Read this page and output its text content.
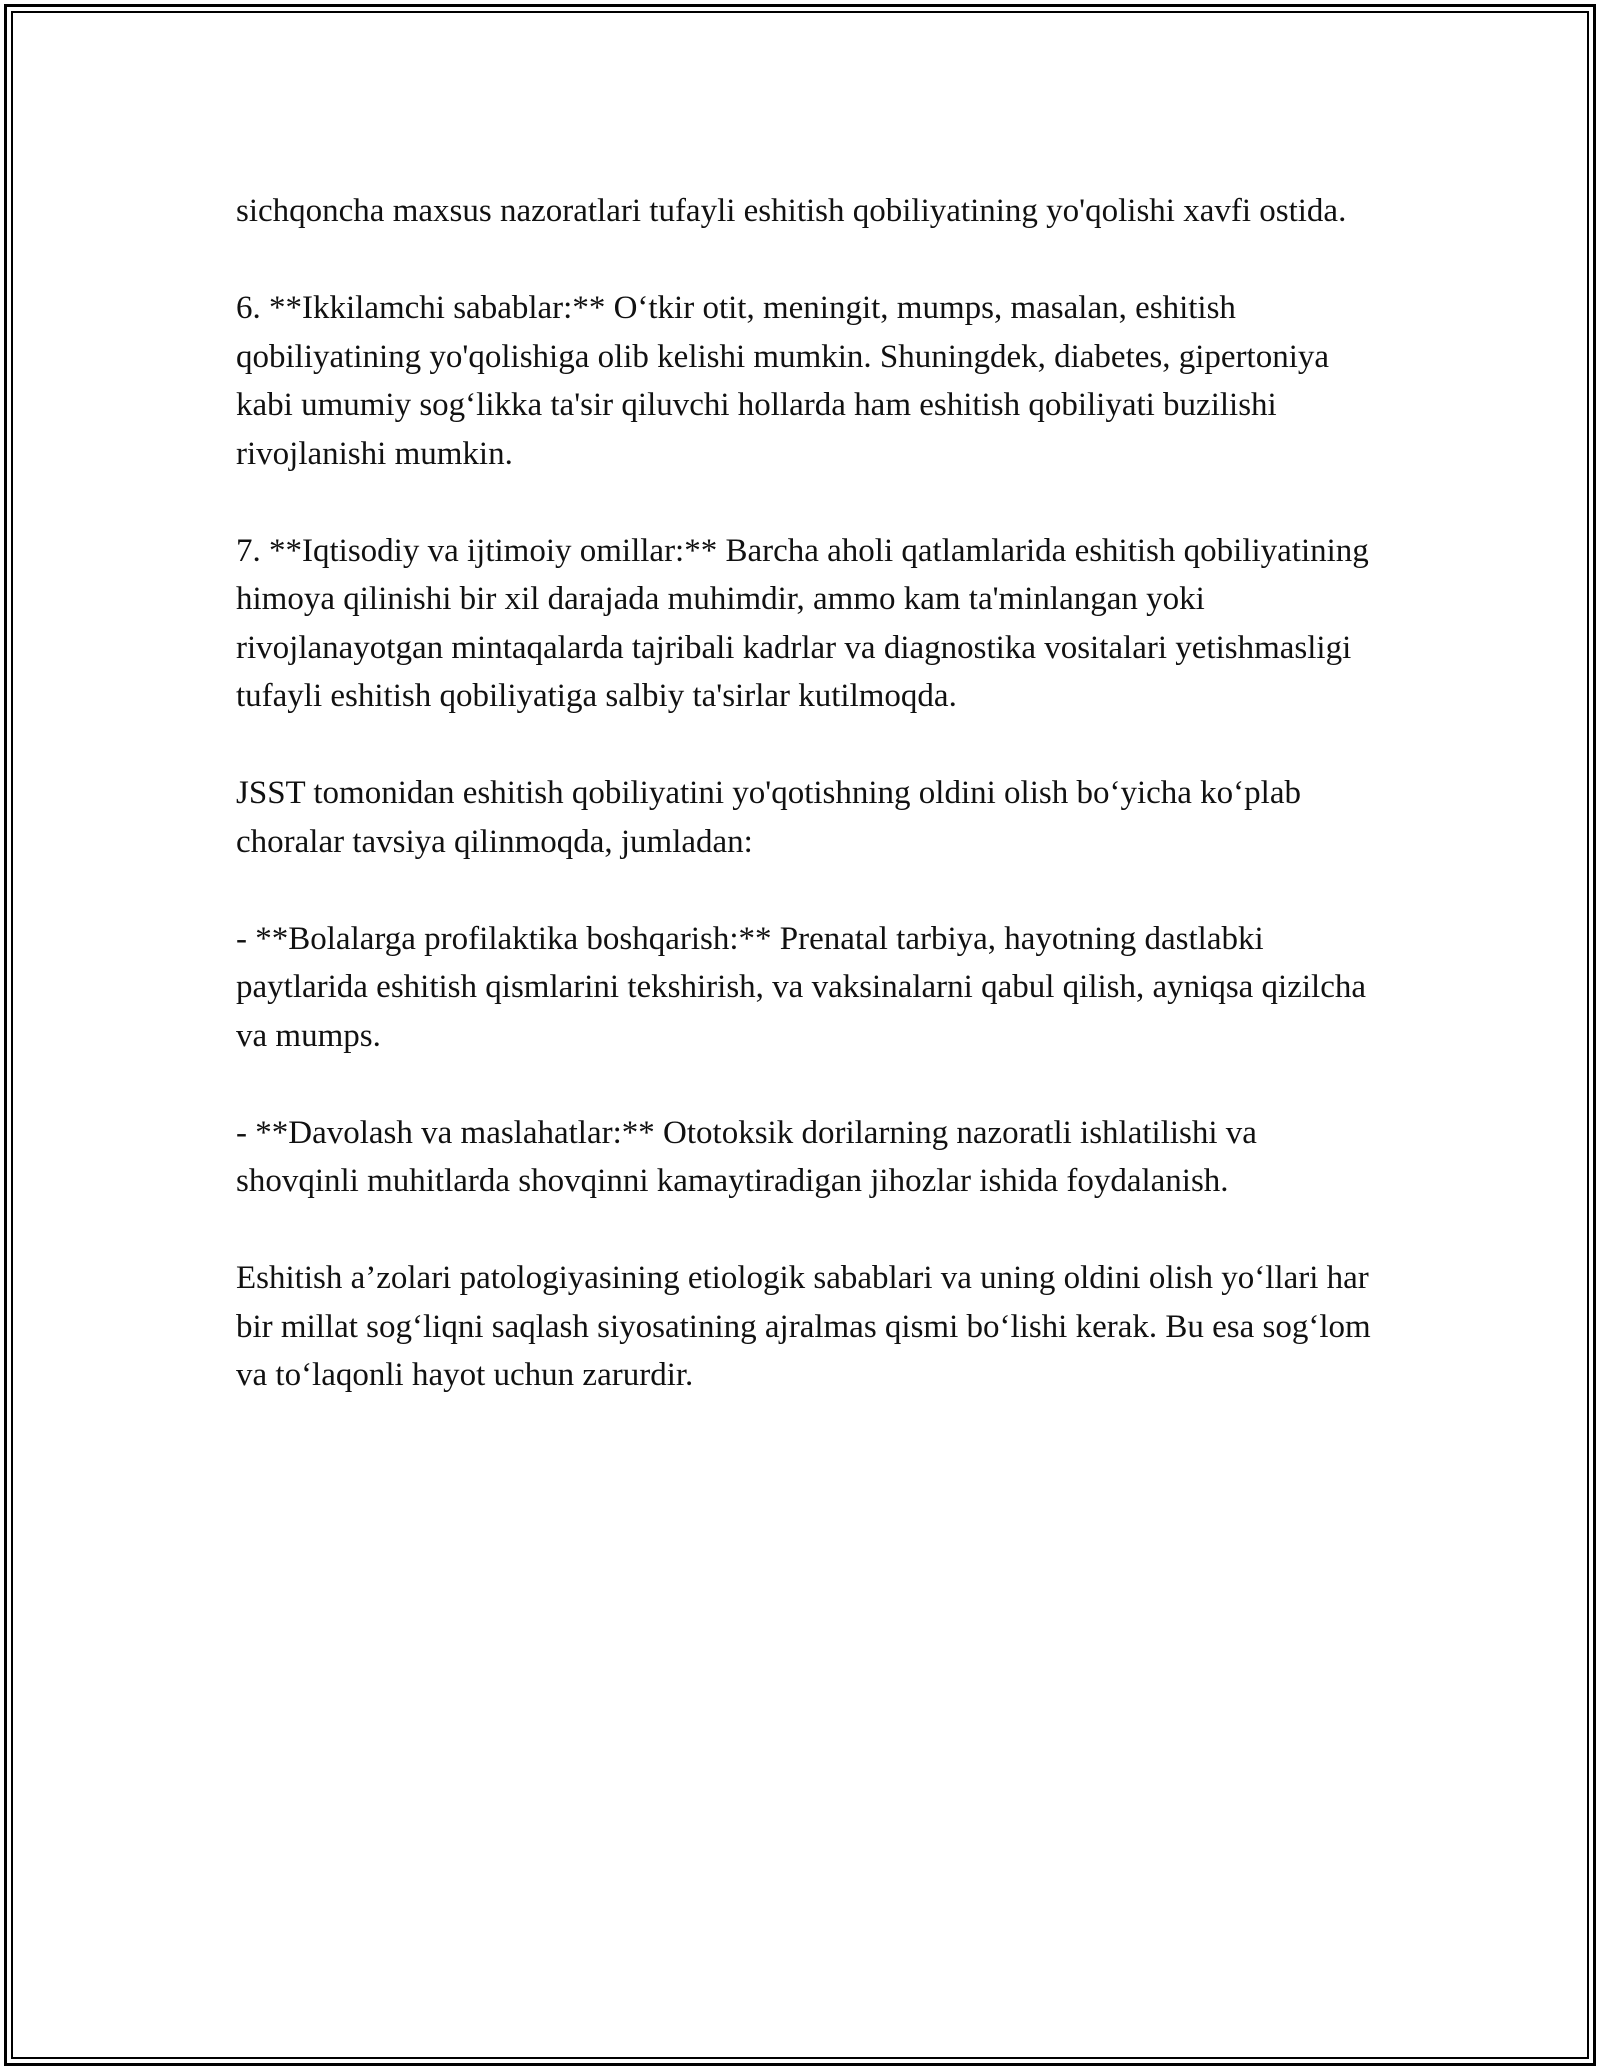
sichqoncha maxsus nazoratlari tufayli eshitish qobiliyatining yo'qolishi xavfi ostida.

6. **Ikkilamchi sabablar:** O‘tkir otit, meningit, mumps, masalan, eshitish qobiliyatining yo'qolishiga olib kelishi mumkin. Shuningdek, diabetes, gipertoniya kabi umumiy sog‘likka ta'sir qiluvchi hollarda ham eshitish qobiliyati buzilishi rivojlanishi mumkin.

7. **Iqtisodiy va ijtimoiy omillar:** Barcha aholi qatlamlarida eshitish qobiliyatining himoya qilinishi bir xil darajada muhimdir, ammo kam ta'minlangan yoki rivojlanayotgan mintaqalarda tajribali kadrlar va diagnostika vositalari yetishmasligi tufayli eshitish qobiliyatiga salbiy ta'sirlar kutilmoqda.

JSST tomonidan eshitish qobiliyatini yo'qotishning oldini olish bo‘yicha ko‘plab choralar tavsiya qilinmoqda, jumladan:

- **Bolalarga profilaktika boshqarish:** Prenatal tarbiya, hayotning dastlabki paytlarida eshitish qismlarini tekshirish, va vaksinalarni qabul qilish, ayniqsa qizilcha va mumps.

- **Davolash va maslahatlar:** Ototoksik dorilarning nazoratli ishlatilishi va shovqinli muhitlarda shovqinni kamaytiradigan jihozlar ishida foydalanish.

Eshitish a’zolari patologiyasining etiologik sabablari va uning oldini olish yo‘llari har bir millat sog‘liqni saqlash siyosatining ajralmas qismi bo‘lishi kerak. Bu esa sog‘lom va to‘laqonli hayot uchun zarurdir.
